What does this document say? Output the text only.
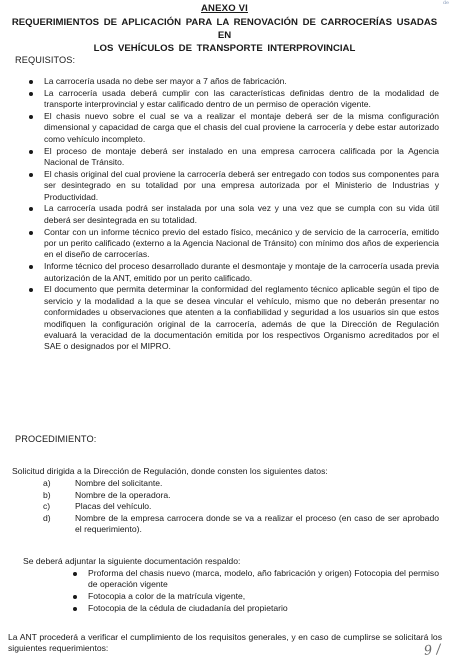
de
ANEXO VI
REQUERIMIENTOS DE APLICACIÓN PARA LA RENOVACIÓN DE CARROCERÍAS USADAS EN
LOS VEHÍCULOS DE TRANSPORTE INTERPROVINCIAL
REQUISITOS:
La carrocería usada no debe ser mayor a 7 años de fabricación.
La carrocería usada deberá cumplir con las características definidas dentro de la modalidad de transporte interprovincial y estar calificado dentro de un permiso de operación vigente.
El chasis nuevo sobre el cual se va a realizar el montaje deberá ser de la misma configuración dimensional y capacidad de carga que el chasis del cual proviene la carrocería y debe estar autorizado como vehículo incompleto.
El proceso de montaje deberá ser instalado en una empresa carrocera calificada por la Agencia Nacional de Tránsito.
El chasis original del cual proviene la carrocería deberá ser entregado con todos sus componentes para ser desintegrado en su totalidad por una empresa autorizada por el Ministerio de Industrias y Productividad.
La carrocería usada podrá ser instalada por una sola vez y una vez que se cumpla con su vida útil deberá ser desintegrada en su totalidad.
Contar con un informe técnico previo del estado físico, mecánico y de servicio de la carrocería, emitido por un perito calificado (externo a la Agencia Nacional de Tránsito) con mínimo dos años de experiencia en el diseño de carrocerías.
Informe técnico del proceso desarrollado durante el desmontaje y montaje de la carrocería usada previa autorización de la ANT, emitido por un perito calificado.
El documento que permita determinar la conformidad del reglamento técnico aplicable según el tipo de servicio y la modalidad a la que se desea vincular el vehículo, mismo que no deberán presentar no conformidades u observaciones que atenten a la confiabilidad y seguridad a los usuarios sin que estos modifiquen la configuración original de la carrocería, además de que la Dirección de Regulación evaluará la veracidad de la documentación emitida por los respectivos Organismo acreditados por el SAE o designados por el MIPRO.
PROCEDIMIENTO:
Solicitud dirigida a la Dirección de Regulación, donde consten los siguientes datos:
a)	Nombre del solicitante.
b)	Nombre de la operadora.
c)	Placas del vehículo.
d)	Nombre de la empresa carrocera donde se va a realizar el proceso (en caso de ser aprobado el requerimiento).
Se deberá adjuntar la siguiente documentación respaldo:
Proforma del chasis nuevo (marca, modelo, año fabricación y origen) Fotocopia del permiso de operación vigente
Fotocopia a color de la matrícula vigente,
Fotocopia de la cédula de ciudadanía del propietario
La ANT procederá a verificar el cumplimiento de los requisitos generales, y en caso de cumplirse se solicitará los siguientes requerimientos:	9 /
